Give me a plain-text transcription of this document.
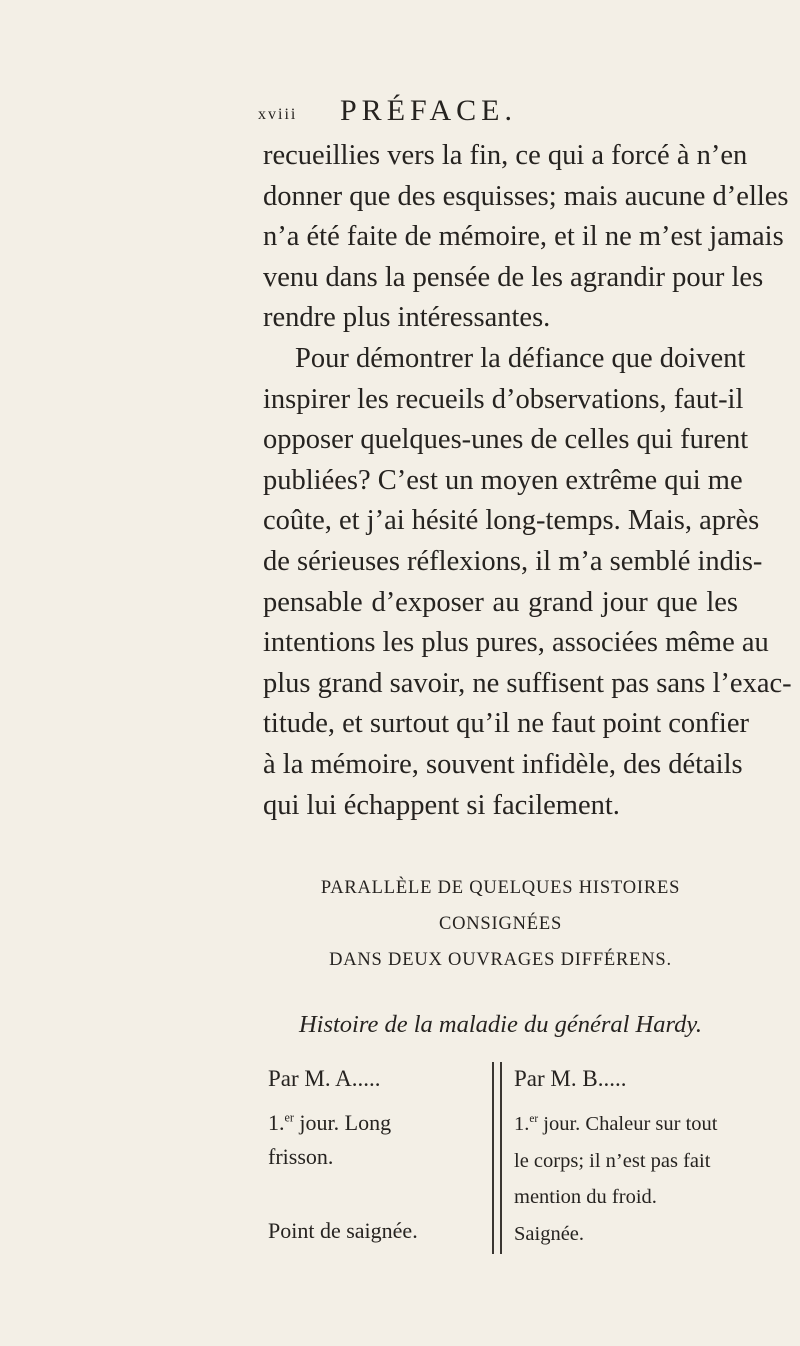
xviii PRÉFACE.
recueillies vers la fin, ce qui a forcé à n’en
donner que des esquisses; mais aucune d’elles
n’a été faite de mémoire, et il ne m’est jamais
venu dans la pensée de les agrandir pour les
rendre plus intéressantes.
Pour démontrer la défiance que doivent
inspirer les recueils d’observations, faut-il
opposer quelques-unes de celles qui furent
publiées? C’est un moyen extrême qui me
coûte, et j’ai hésité long-temps. Mais, après
de sérieuses réflexions, il m’a semblé indis-
pensable d’exposer au grand jour que les
intentions les plus pures, associées même au
plus grand savoir, ne suffisent pas sans l’exac-
titude, et surtout qu’il ne faut point confier
à la mémoire, souvent infidèle, des détails
qui lui échappent si facilement.
PARALLÈLE DE QUELQUES HISTOIRES CONSIGNÉES
DANS DEUX OUVRAGES DIFFÉRENS.
Histoire de la maladie du général Hardy.
Par M. A.....
1.$^{er}$ jour. Long frisson.
Par M. B.....
1.$^{er}$ jour. Chaleur sur tout
le corps; il n’est pas fait
mention du froid.
Saignée.
Point de saignée.
